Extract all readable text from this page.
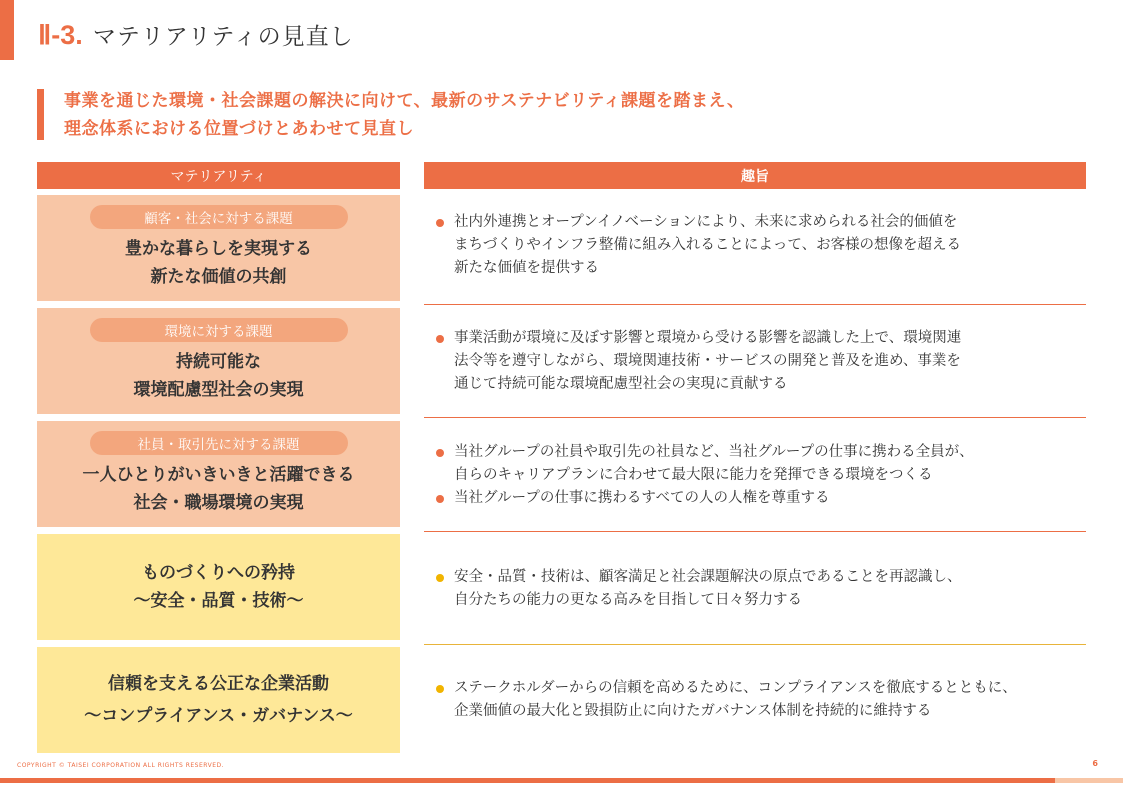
Ⅱ-3. マテリアリティの見直し
事業を通じた環境・社会課題の解決に向けて、最新のサステナビリティ課題を踏まえ、
理念体系における位置づけとあわせて見直し
マテリアリティ	趣旨
顧客・社会に対する課題
豊かな暮らしを実現する
新たな価値の共創
社内外連携とオープンイノベーションにより、未来に求められる社会的価値を
まちづくりやインフラ整備に組み入れることによって、お客様の想像を超える
新たな価値を提供する
環境に対する課題
持続可能な
環境配慮型社会の実現
事業活動が環境に及ぼす影響と環境から受ける影響を認識した上で、環境関連
法令等を遵守しながら、環境関連技術・サービスの開発と普及を進め、事業を
通じて持続可能な環境配慮型社会の実現に貢献する
社員・取引先に対する課題
一人ひとりがいきいきと活躍できる
社会・職場環境の実現
当社グループの社員や取引先の社員など、当社グループの仕事に携わる全員が、
自らのキャリアプランに合わせて最大限に能力を発揮できる環境をつくる
当社グループの仕事に携わるすべての人の人権を尊重する
ものづくりへの矜持
～安全・品質・技術～
安全・品質・技術は、顧客満足と社会課題解決の原点であることを再認識し、
自分たちの能力の更なる高みを目指して日々努力する
信頼を支える公正な企業活動
～コンプライアンス・ガバナンス～
ステークホルダーからの信頼を高めるために、コンプライアンスを徹底するとともに、
企業価値の最大化と毀損防止に向けたガバナンス体制を持続的に維持する
COPYRIGHT © TAISEI CORPORATION ALL RIGHTS RESERVED.	6
